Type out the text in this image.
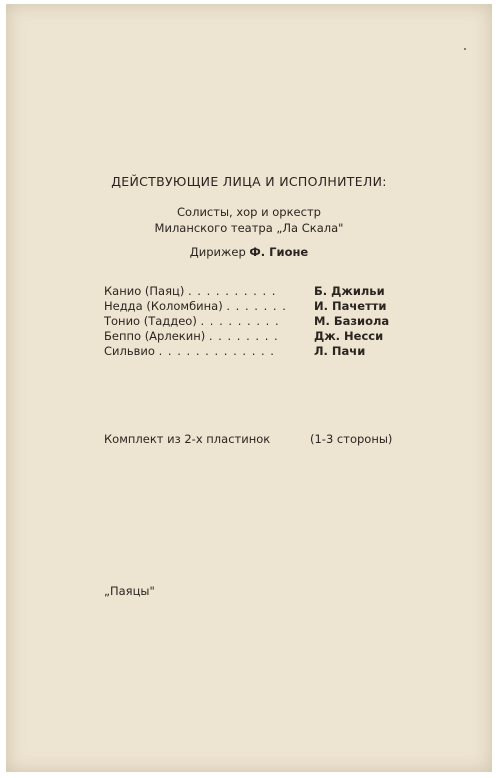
ДЕЙСТВУЮЩИЕ ЛИЦА И ИСПОЛНИТЕЛИ:
Солисты, хор и оркестр
Миланского театра „Ла Скала"
Дирижер Ф. Гионе
Канио (Паяц) . . . . . . . . . .	Б. Джильи
Недда (Коломбина) . . . . . . . И. Пачетти
Тонио (Таддео) . . . . . . . . .	М. Базиола
Беппо (Арлекин) . . . . . . . .	Дж. Несси
Сильвио . . . . . . . . . . . . .	Л. Пачи
Комплект из 2-х пластинок	(1-3 стороны)
„Паяцы"
